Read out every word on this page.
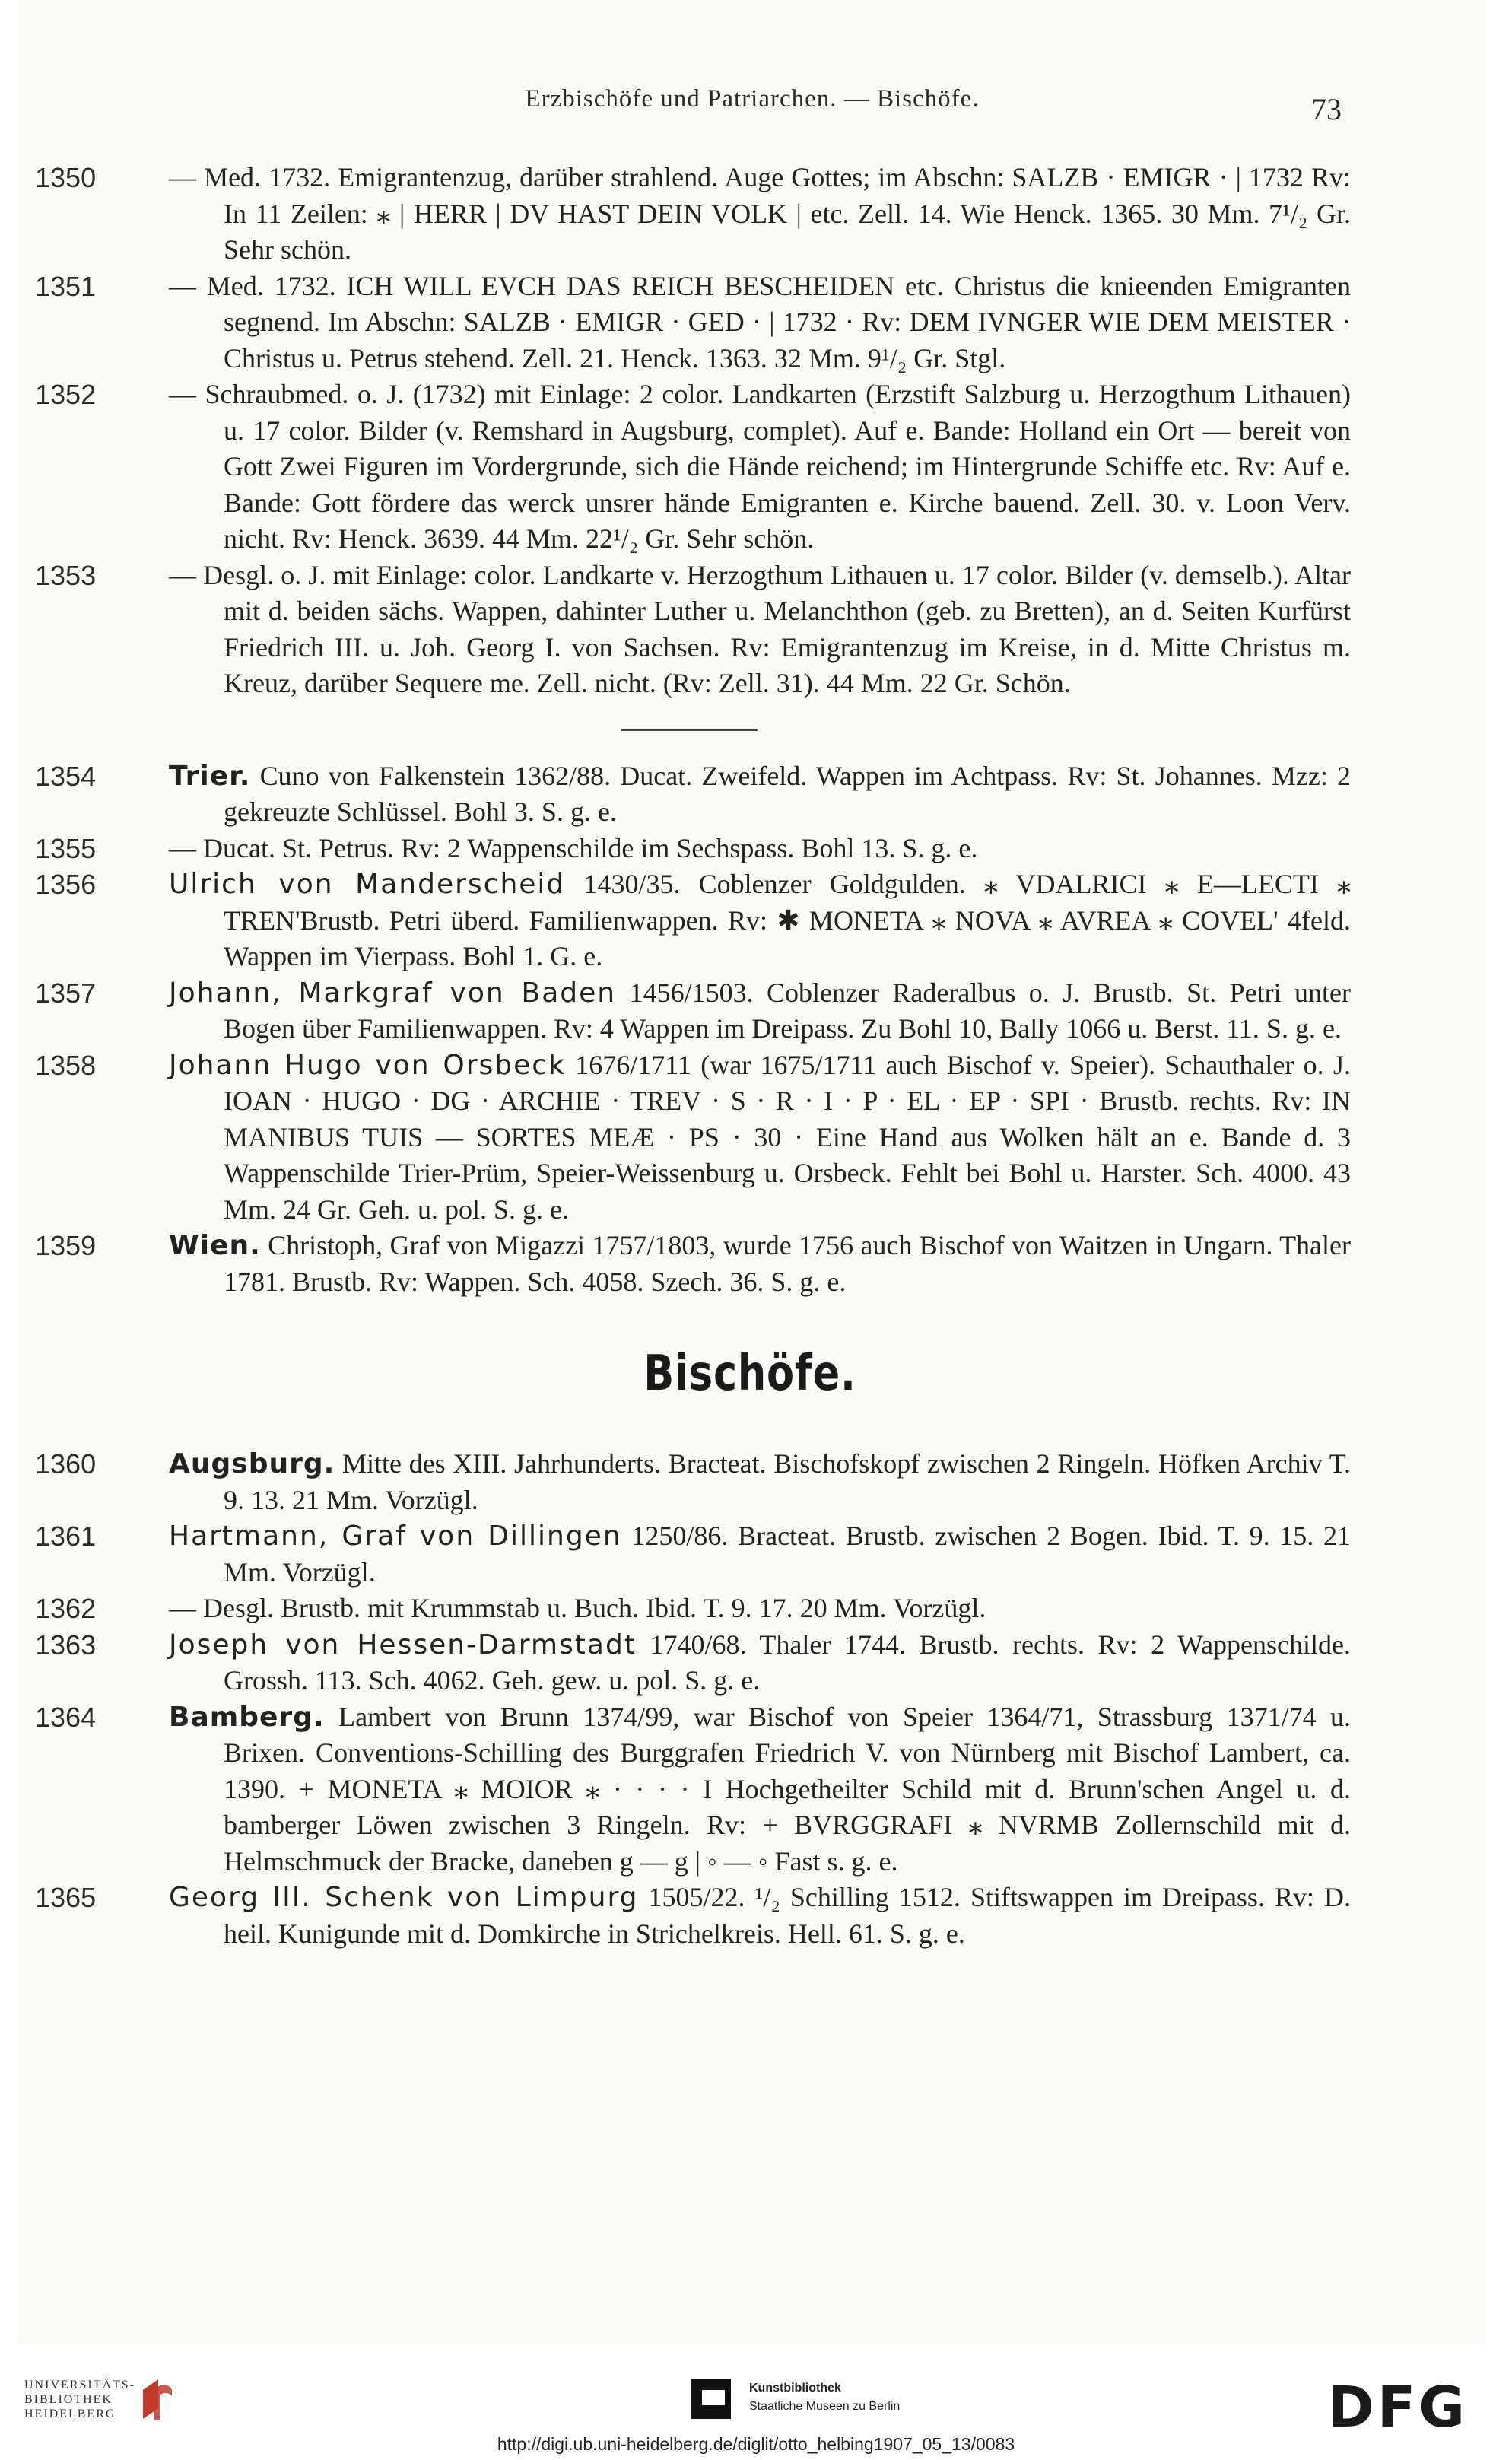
Erzbischöfe und Patriarchen. — Bischöfe.	73
1350	— Med. 1732. Emigrantenzug, darüber strahlend. Auge Gottes; im Abschn: SALZB · EMIGR · | 1732 Rv: In 11 Zeilen: ⁎ | HERR | DV HAST DEIN VOLK | etc. Zell. 14. Wie Henck. 1365. 30 Mm. 7¹/₂ Gr. Sehr schön.
1351	— Med. 1732. ICH WILL EVCH DAS REICH BESCHEIDEN etc. Christus die knieenden Emigranten segnend. Im Abschn: SALZB · EMIGR · GED · | 1732 · Rv: DEM IVNGER WIE DEM MEISTER · Christus u. Petrus stehend. Zell. 21. Henck. 1363. 32 Mm. 9¹/₂ Gr. Stgl.
1352	— Schraubmed. o. J. (1732) mit Einlage: 2 color. Landkarten (Erzstift Salzburg u. Herzogthum Lithauen) u. 17 color. Bilder (v. Remshard in Augsburg, complet). Auf e. Bande: Holland ein Ort — bereit von Gott Zwei Figuren im Vordergrunde, sich die Hände reichend; im Hintergrunde Schiffe etc. Rv: Auf e. Bande: Gott fördere das werck unsrer hände Emigranten e. Kirche bauend. Zell. 30. v. Loon Verv. nicht. Rv: Henck. 3639. 44 Mm. 22¹/₂ Gr. Sehr schön.
1353	— Desgl. o. J. mit Einlage: color. Landkarte v. Herzogthum Lithauen u. 17 color. Bilder (v. demselb.). Altar mit d. beiden sächs. Wappen, dahinter Luther u. Melanchthon (geb. zu Bretten), an d. Seiten Kurfürst Friedrich III. u. Joh. Georg I. von Sachsen. Rv: Emigrantenzug im Kreise, in d. Mitte Christus m. Kreuz, darüber Sequere me. Zell. nicht. (Rv: Zell. 31). 44 Mm. 22 Gr. Schön.
1354	Trier. Cuno von Falkenstein 1362/88. Ducat. Zweifeld. Wappen im Achtpass. Rv: St. Johannes. Mzz: 2 gekreuzte Schlüssel. Bohl 3. S. g. e.
1355	— Ducat. St. Petrus. Rv: 2 Wappenschilde im Sechspass. Bohl 13. S. g. e.
1356	Ulrich von Manderscheid 1430/35. Coblenzer Goldgulden. ⁎ VDALRICI ⁎ E—LECTI ⁎ TREN'Brustb. Petri überd. Familienwappen. Rv: ✱ MONETA ⁎ NOVA ⁎ AVREA ⁎ COVEL' 4feld. Wappen im Vierpass. Bohl 1. G. e.
1357	Johann, Markgraf von Baden 1456/1503. Coblenzer Raderalbus o. J. Brustb. St. Petri unter Bogen über Familienwappen. Rv: 4 Wappen im Dreipass. Zu Bohl 10, Bally 1066 u. Berst. 11. S. g. e.
1358	Johann Hugo von Orsbeck 1676/1711 (war 1675/1711 auch Bischof v. Speier). Schauthaler o. J. IOAN · HUGO · DG · ARCHIE · TREV · S · R · I · P · EL · EP · SPI · Brustb. rechts. Rv: IN MANIBUS TUIS — SORTES MEÆ · PS · 30 · Eine Hand aus Wolken hält an e. Bande d. 3 Wappenschilde Trier-Prüm, Speier-Weissenburg u. Orsbeck. Fehlt bei Bohl u. Harster. Sch. 4000. 43 Mm. 24 Gr. Geh. u. pol. S. g. e.
1359	Wien. Christoph, Graf von Migazzi 1757/1803, wurde 1756 auch Bischof von Waitzen in Ungarn. Thaler 1781. Brustb. Rv: Wappen. Sch. 4058. Szech. 36. S. g. e.
Bischöfe.
1360	Augsburg. Mitte des XIII. Jahrhunderts. Bracteat. Bischofskopf zwischen 2 Ringeln. Höfken Archiv T. 9. 13. 21 Mm. Vorzügl.
1361	Hartmann, Graf von Dillingen 1250/86. Bracteat. Brustb. zwischen 2 Bogen. Ibid. T. 9. 15. 21 Mm. Vorzügl.
1362	— Desgl. Brustb. mit Krummstab u. Buch. Ibid. T. 9. 17. 20 Mm. Vorzügl.
1363	Joseph von Hessen-Darmstadt 1740/68. Thaler 1744. Brustb. rechts. Rv: 2 Wappenschilde. Grossh. 113. Sch. 4062. Geh. gew. u. pol. S. g. e.
1364	Bamberg. Lambert von Brunn 1374/99, war Bischof von Speier 1364/71, Strassburg 1371/74 u. Brixen. Conventions-Schilling des Burggrafen Friedrich V. von Nürnberg mit Bischof Lambert, ca. 1390. + MONETA ⁎ MOIOR ⁎ · · · · I Hochgetheilter Schild mit d. Brunn'schen Angel u. d. bamberger Löwen zwischen 3 Ringeln. Rv: + BVRGGRAFI ⁎ NVRMB Zollernschild mit d. Helmschmuck der Bracke, daneben g — g | ◦ — ◦ Fast s. g. e.
1365	Georg III. Schenk von Limpurg 1505/22. ¹/₂ Schilling 1512. Stiftswappen im Dreipass. Rv: D. heil. Kunigunde mit d. Domkirche in Strichelkreis. Hell. 61. S. g. e.
UNIVERSITÄTS-
BIBLIOTHEK
HEIDELBERG
Kunstbibliothek
Staatliche Museen zu Berlin	DFG
http://digi.ub.uni-heidelberg.de/diglit/otto_helbing1907_05_13/0083
